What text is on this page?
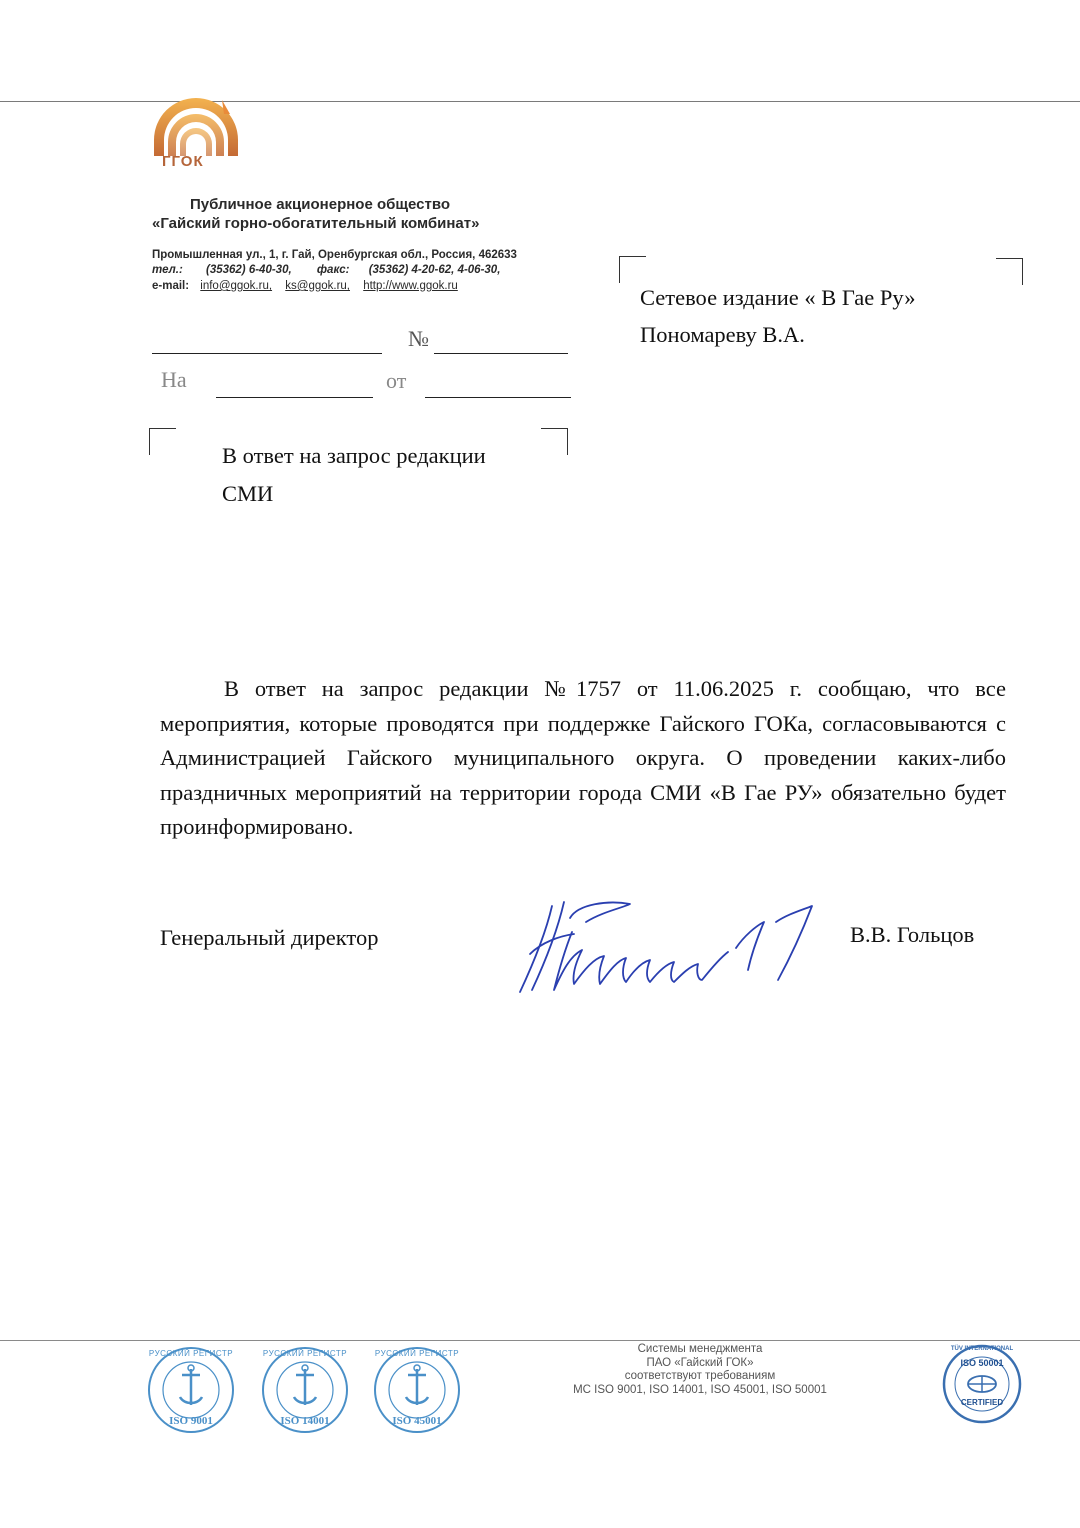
ГГОК
Публичное акционерное общество
«Гайский горно-обогатительный комбинат»
Промышленная ул., 1, г. Гай, Оренбургская обл., Россия, 462633
тел.: (35362) 6-40-30, факс: (35362) 4-20-62, 4-06-30,
e-mail: info@ggok.ru, ks@ggok.ru, http://www.ggok.ru
№
На	от
Сетевое издание « В Гае Ру»
Пономареву В.А.
В ответ на запрос редакции
СМИ

В ответ на запрос редакции №1757 от 11.06.2025 г. сообщаю, что все мероприятия, которые проводятся при поддержке Гайского ГОКа, согласовываются с Администрацией Гайского муниципального округа. О проведении каких-либо праздничных мероприятий на территории города СМИ «В Гае РУ» обязательно будет проинформировано.

Генеральный директор	В.В. Гольцов
РУССКИЙ РЕГИСТР
ISO 9001
РУССКИЙ РЕГИСТР
ISO 14001
РУССКИЙ РЕГИСТР
ISO 45001
Системы менеджмента
ПАО «Гайский ГОК»
соответствуют требованиям
МС ISO 9001, ISO 14001, ISO 45001, ISO 50001
TÜV INTERNATIONAL
ISO 50001
CERTIFIED
